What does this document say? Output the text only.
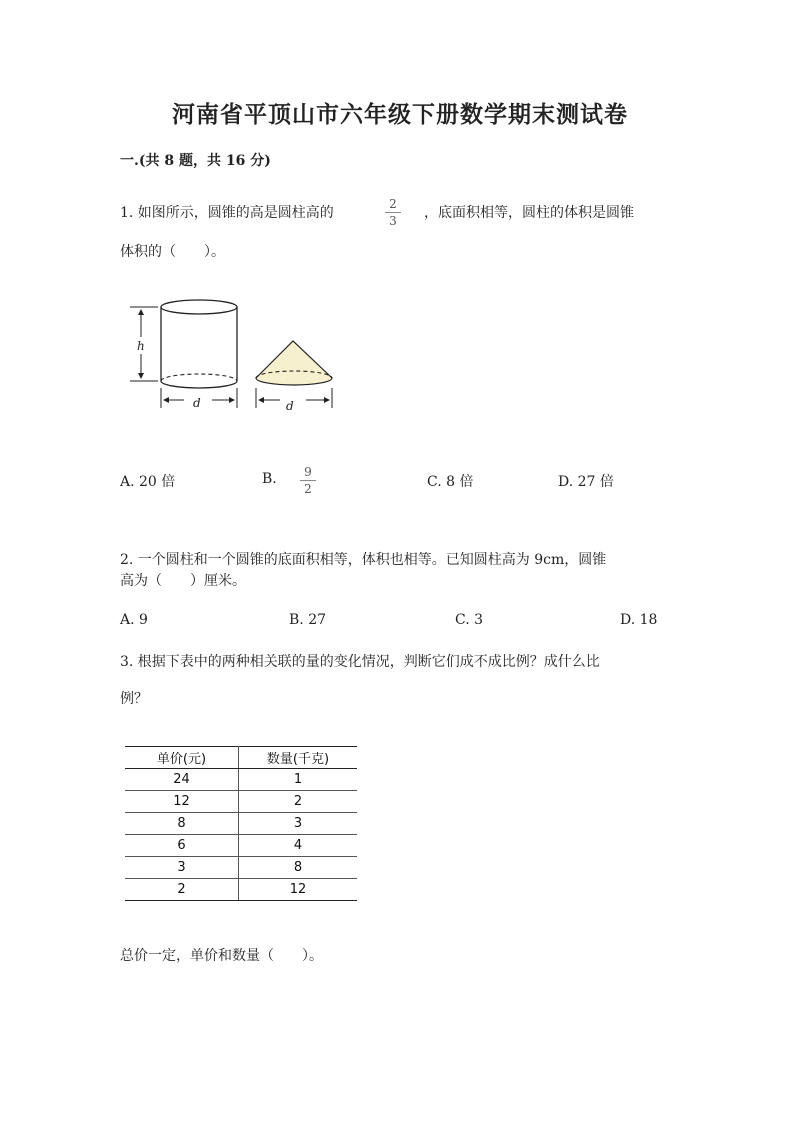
河南省平顶山市六年级下册数学期末测试卷
一.(共 8 题，共 16 分)
1. 如图所示，圆锥的高是圆柱高的
2
3 ，底面积相等，圆柱的体积是圆锥
体积的（　　）。
h
d	d
A. 20 倍	B.	9
2	C. 8 倍	D. 27 倍
2. 一个圆柱和一个圆锥的底面积相等，体积也相等。已知圆柱高为 9cm，圆锥
高为（　　）厘米。
A. 9	B. 27	C. 3	D. 18
3. 根据下表中的两种相关联的量的变化情况，判断它们成不成比例？成什么比
例？
单价(元)	数量(千克)
24	1
12	2
8	3
6	4
3	8
2	12
总价一定，单价和数量（　　）。
